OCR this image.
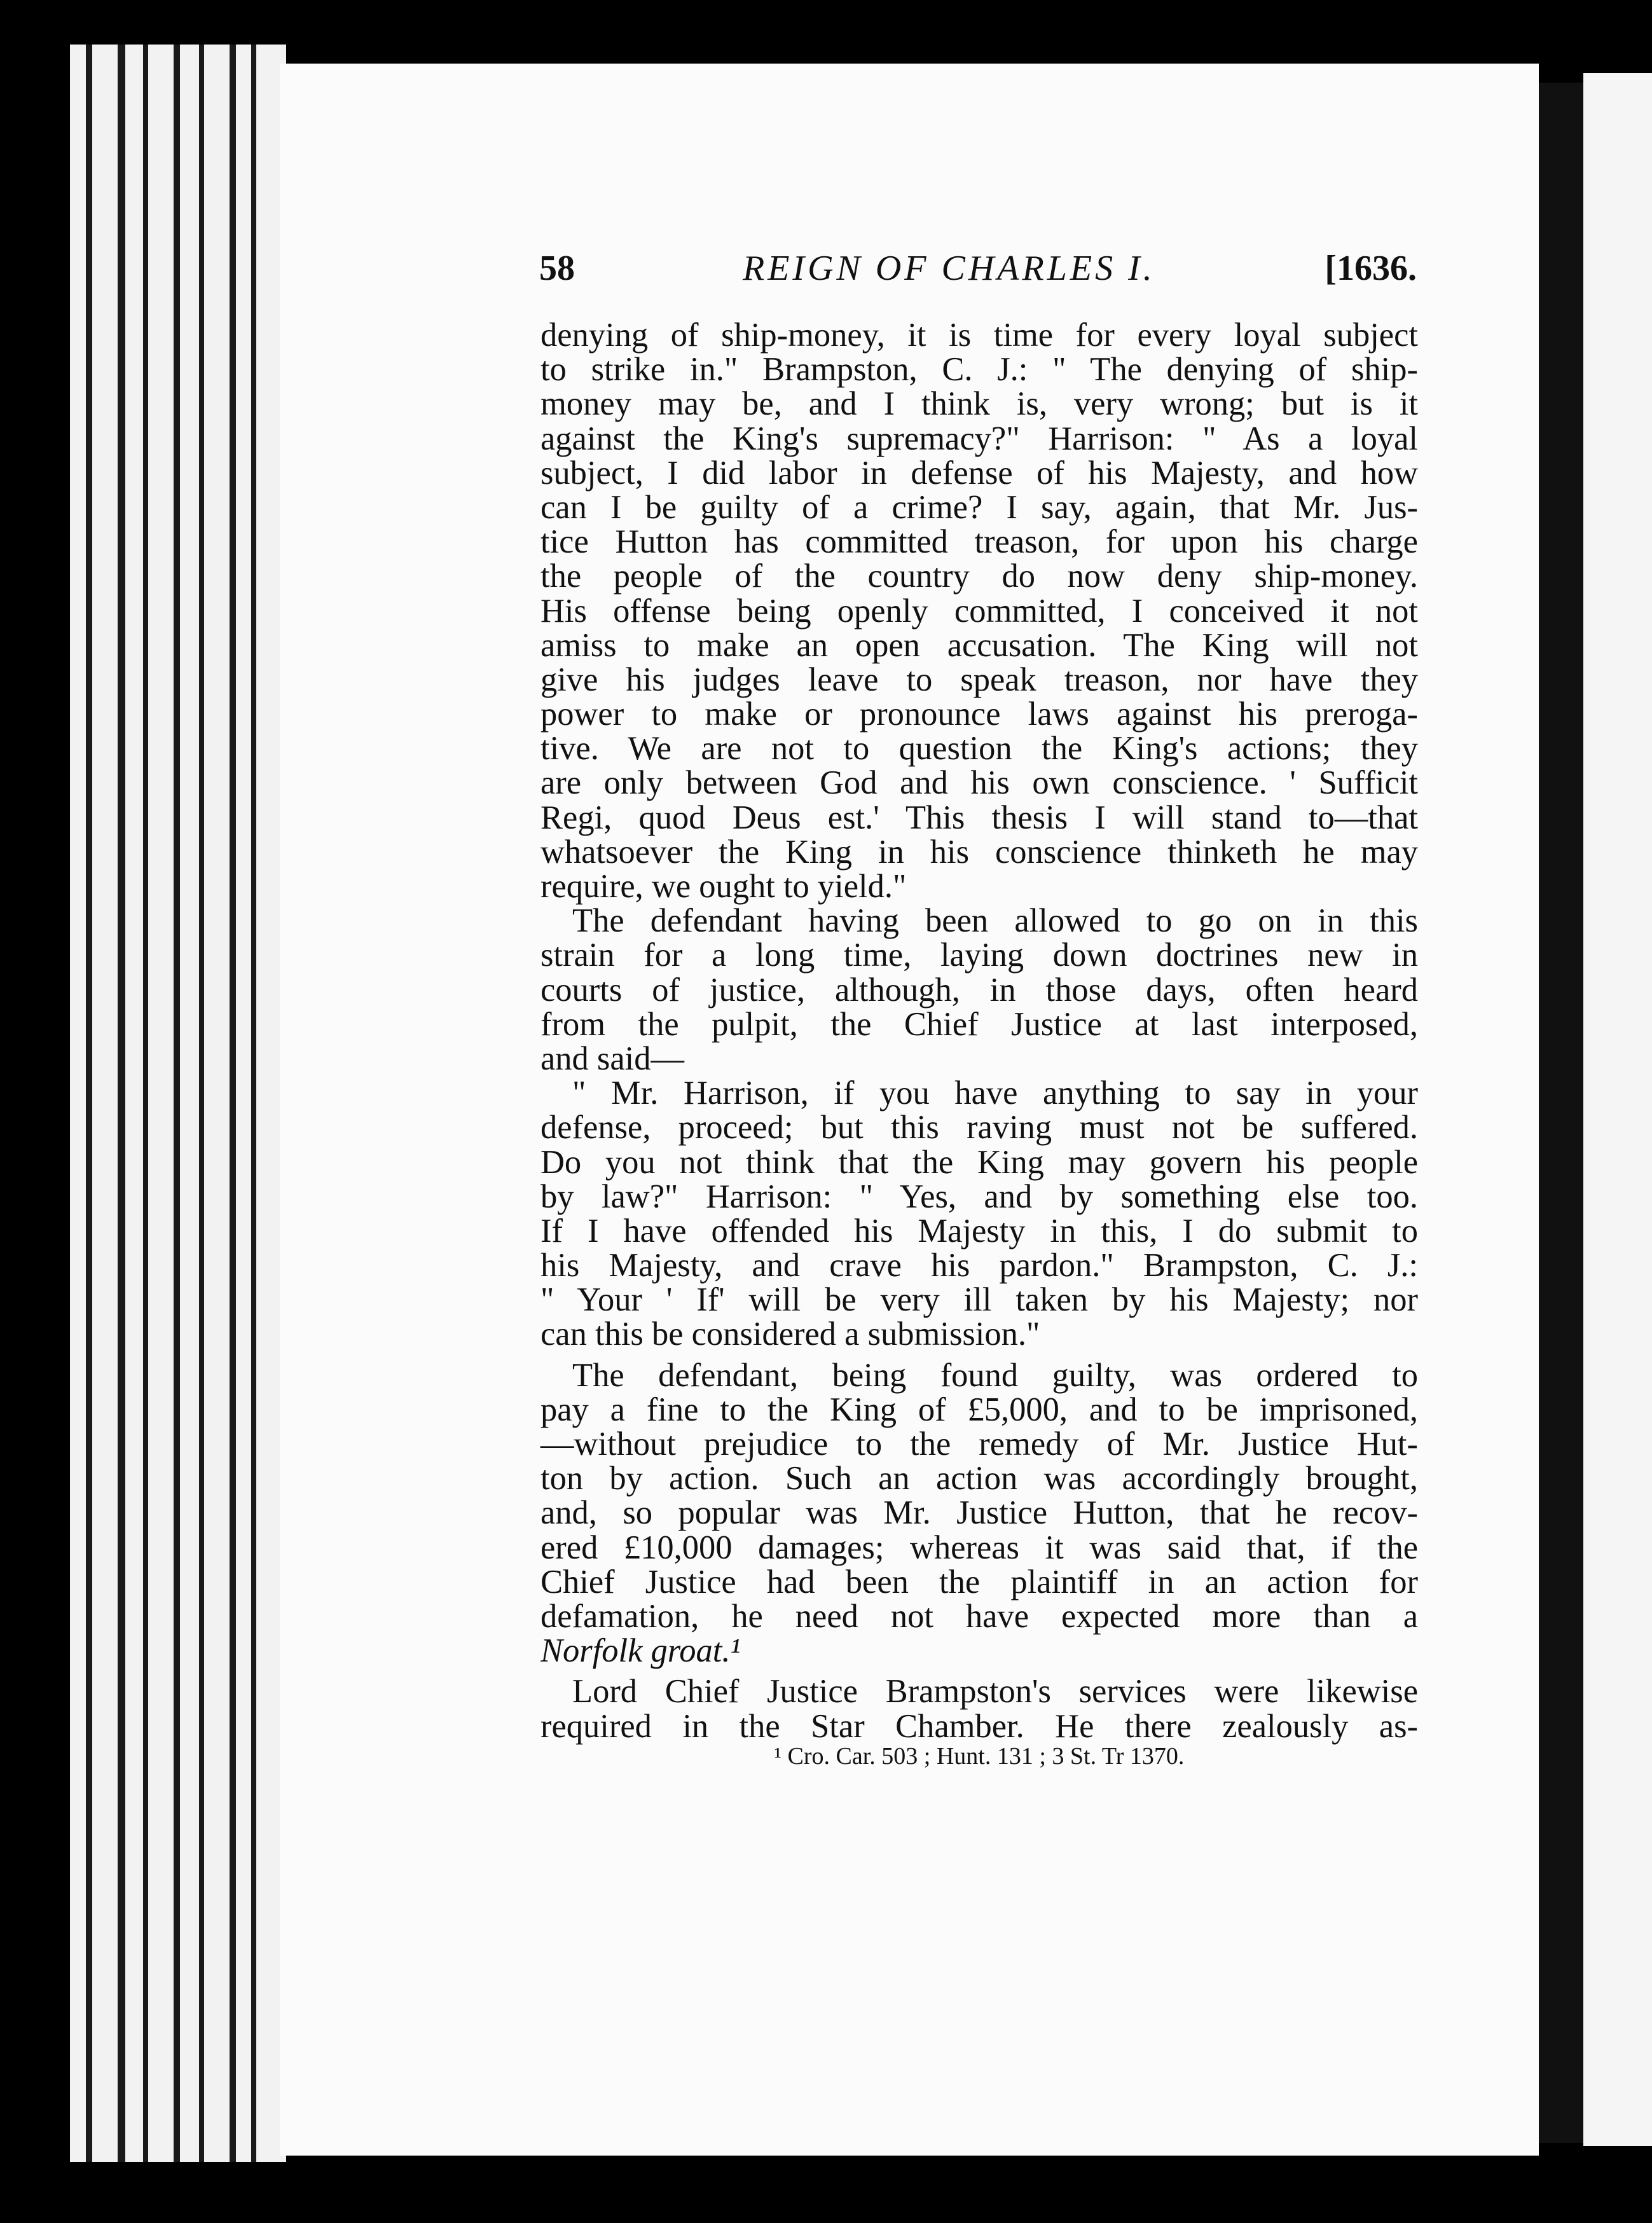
58	REIGN OF CHARLES I.	[1636.
denying of ship-money, it is time for every loyal subject
to strike in." Brampston, C. J.: " The denying of ship-
money may be, and I think is, very wrong; but is it
against the King's supremacy?" Harrison: " As a loyal
subject, I did labor in defense of his Majesty, and how
can I be guilty of a crime? I say, again, that Mr. Jus-
tice Hutton has committed treason, for upon his charge
the people of the country do now deny ship-money.
His offense being openly committed, I conceived it not
amiss to make an open accusation. The King will not
give his judges leave to speak treason, nor have they
power to make or pronounce laws against his preroga-
tive. We are not to question the King's actions; they
are only between God and his own conscience. ' Sufficit
Regi, quod Deus est.' This thesis I will stand to—that
whatsoever the King in his conscience thinketh he may
require, we ought to yield."
The defendant having been allowed to go on in this
strain for a long time, laying down doctrines new in
courts of justice, although, in those days, often heard
from the pulpit, the Chief Justice at last interposed,
and said—
" Mr. Harrison, if you have anything to say in your
defense, proceed; but this raving must not be suffered.
Do you not think that the King may govern his people
by law?" Harrison: " Yes, and by something else too.
If I have offended his Majesty in this, I do submit to
his Majesty, and crave his pardon." Brampston, C. J.:
" Your ' If' will be very ill taken by his Majesty; nor
can this be considered a submission."
The defendant, being found guilty, was ordered to
pay a fine to the King of £5,000, and to be imprisoned,
—without prejudice to the remedy of Mr. Justice Hut-
ton by action. Such an action was accordingly brought,
and, so popular was Mr. Justice Hutton, that he recov-
ered £10,000 damages; whereas it was said that, if the
Chief Justice had been the plaintiff in an action for
defamation, he need not have expected more than a
Norfolk groat.¹
Lord Chief Justice Brampston's services were likewise
required in the Star Chamber. He there zealously as-
¹ Cro. Car. 503 ; Hunt. 131 ; 3 St. Tr 1370.
